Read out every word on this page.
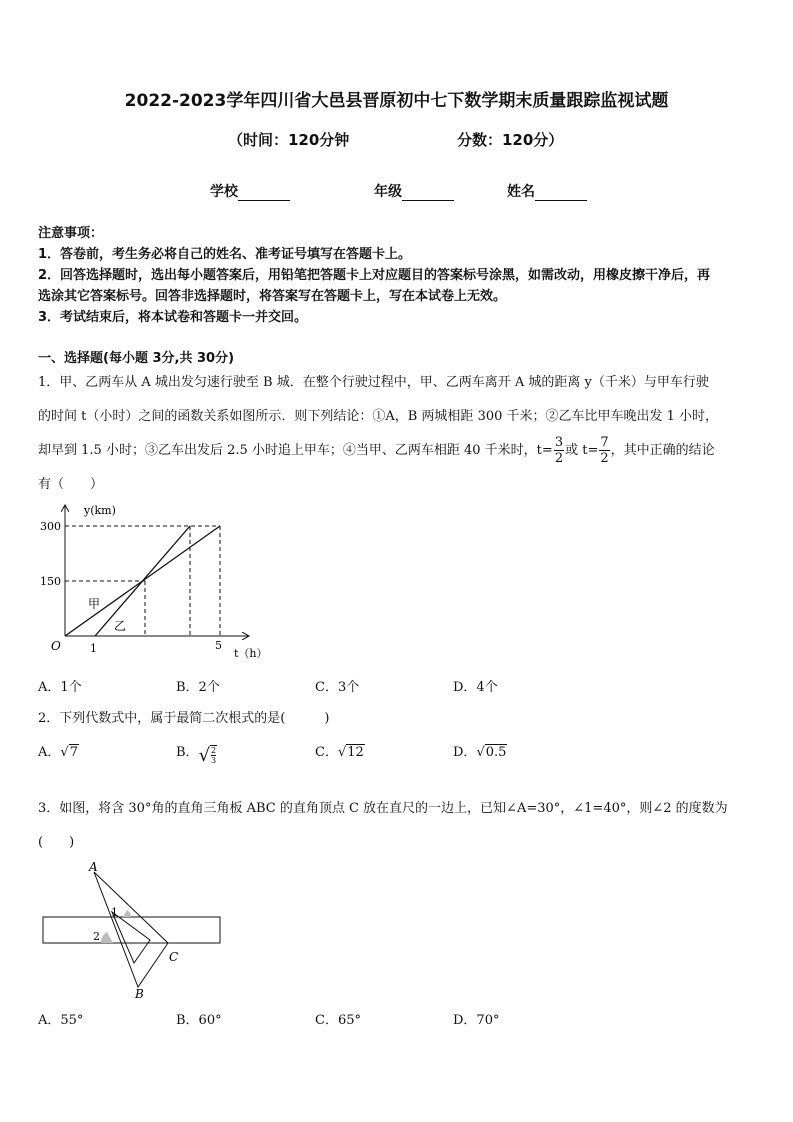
2022-2023学年四川省大邑县晋原初中七下数学期末质量跟踪监视试题
（时间：120分钟	分数：120分）
学校	年级	姓名
注意事项：
1．答卷前，考生务必将自己的姓名、准考证号填写在答题卡上。
2．回答选择题时，选出每小题答案后，用铅笔把答题卡上对应题目的答案标号涂黑，如需改动，用橡皮擦干净后，再
选涂其它答案标号。回答非选择题时，将答案写在答题卡上，写在本试卷上无效。
3．考试结束后，将本试卷和答题卡一并交回。
一、选择题(每小题 3分,共 30分)
1．甲、乙两车从 A 城出发匀速行驶至 B 城．在整个行驶过程中，甲、乙两车离开 A 城的距离 y（千米）与甲车行驶
的时间 t（小时）之间的函数关系如图所示．则下列结论：①A，B 两城相距 300 千米；②乙车比甲车晚出发 1 小时，
却早到 1.5 小时；③乙车出发后 2.5 小时追上甲车；④当甲、乙两车相距 40 千米时，$t= \frac{3}{2}$ 或 $t= \frac{7}{2}$ ，其中正确的结论
有（　　）
y(km)
t（h）
O
300
150
1	5
甲
乙
A．1个	B．2个	C．3个	D．4个
2．下列代数式中，属于最简二次根式的是(　　　)
A．√7	B．√ $\frac{2}{3}$	C．√12	D．√0.5
3．如图，将含 30°角的直角三角板 ABC 的直角顶点 C 放在直尺的一边上，已知∠A=30°，∠1=40°，则∠2 的度数为
(　　)
A
B
C
1
2
A．55°	B．60°	C．65°	D．70°
